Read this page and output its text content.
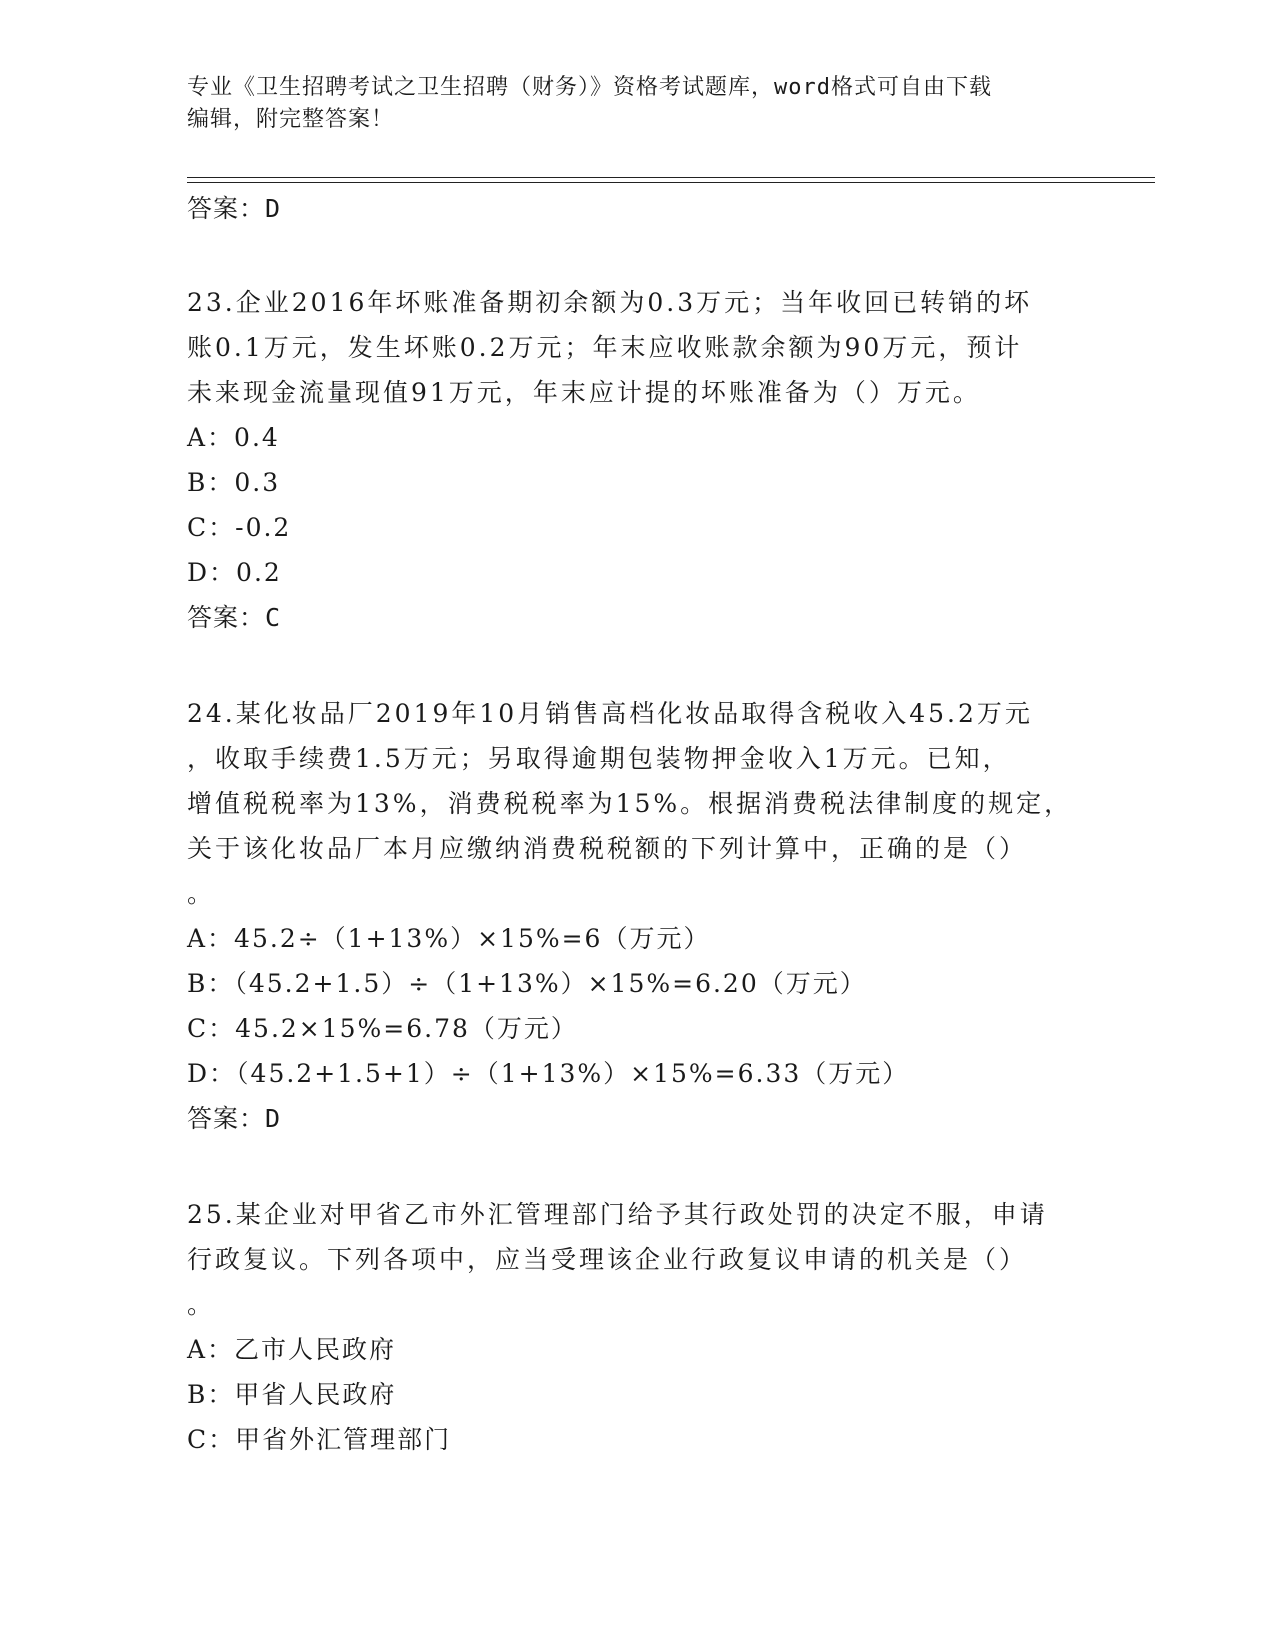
专业《卫生招聘考试之卫生招聘（财务）》资格考试题库，word格式可自由下载
编辑，附完整答案！
答案：D
23.企业2016年坏账准备期初余额为0.3万元；当年收回已转销的坏
账0.1万元，发生坏账0.2万元；年末应收账款余额为90万元，预计
未来现金流量现值91万元，年末应计提的坏账准备为（）万元。
A：0.4
B：0.3
C：-0.2
D：0.2
答案：C
24.某化妆品厂2019年10月销售高档化妆品取得含税收入45.2万元
，收取手续费1.5万元；另取得逾期包装物押金收入1万元。已知，
增值税税率为13%，消费税税率为15%。根据消费税法律制度的规定，
关于该化妆品厂本月应缴纳消费税税额的下列计算中，正确的是（）
。
A：45.2÷（1+13%）×15%=6（万元）
B：（45.2+1.5）÷（1+13%）×15%=6.20（万元）
C：45.2×15%=6.78（万元）
D：（45.2+1.5+1）÷（1+13%）×15%=6.33（万元）
答案：D
25.某企业对甲省乙市外汇管理部门给予其行政处罚的决定不服，申请
行政复议。下列各项中，应当受理该企业行政复议申请的机关是（）
。
A：乙市人民政府
B：甲省人民政府
C：甲省外汇管理部门
